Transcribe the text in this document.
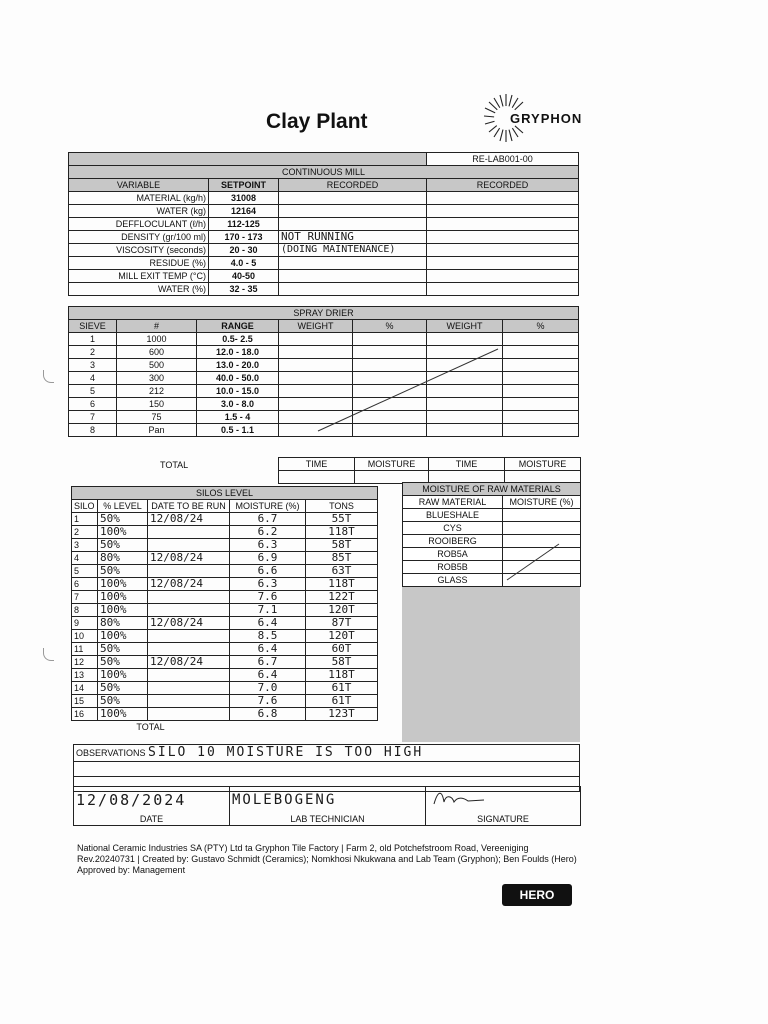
Clay Plant	GRYPHON
			RE-LAB001-00
CONTINUOUS MILL			
VARIABLE	SETPOINT	RECORDED	RECORDED
MATERIAL (kg/h)	31008		
WATER (kg)	12164		
DEFFLOCULANT (ℓ/h)	112-125		
DENSITY (gr/100 ml)	170 - 173	NOT RUNNING	
VISCOSITY (seconds)	20 - 30	(DOING MAINTENANCE)	
RESIDUE (%)	4.0 - 5		
MILL EXIT TEMP (°C)	40-50		
WATER (%)	32 - 35		
SPRAY DRIER						
SIEVE	#	RANGE	WEIGHT	%	WEIGHT	%
1	1000	0.5- 2.5				
2	600	12.0 - 18.0				
3	500	13.0 - 20.0				
4	300	40.0 - 50.0				
5	212	10.0 - 15.0				
6	150	3.0 - 8.0				
7	75	1.5 - 4				
8	Pan	0.5 - 1.1				
TOTAL	TIME	MOISTURE	TIME	MOISTURE

SILOS LEVEL				
SILO	% LEVEL	DATE TO BE RUN	MOISTURE (%)	TONS
1	50%	12/08/24	6.7	55T
2	100%		6.2	118T
3	50%		6.3	58T
4	80%	12/08/24	6.9	85T
5	50%		6.6	63T
6	100%	12/08/24	6.3	118T
7	100%		7.6	122T
8	100%		7.1	120T
9	80%	12/08/24	6.4	87T
10	100%		8.5	120T
11	50%		6.4	60T
12	50%	12/08/24	6.7	58T
13	100%		6.4	118T
14	50%		7.0	61T
15	50%		7.6	61T
16	100%		6.8	123T
TOTAL				
MOISTURE OF RAW MATERIALS	
RAW MATERIAL	MOISTURE (%)
BLUESHALE	
CYS	
ROOIBERG	
ROB5A	
ROB5B	
GLASS	
OBSERVATIONS SILO 10 MOISTURE IS TOO HIGH

12/08/2024	MOLEBOGENG	
DATE	LAB TECHNICIAN	SIGNATURE
National Ceramic Industries SA (PTY) Ltd ta Gryphon Tile Factory | Farm 2, old Potchefstroom Road, Vereeniging
Rev.20240731 | Created by: Gustavo Schmidt (Ceramics); Nomkhosi Nkukwana and Lab Team (Gryphon); Ben Foulds (Hero)
Approved by: Management
HERO
